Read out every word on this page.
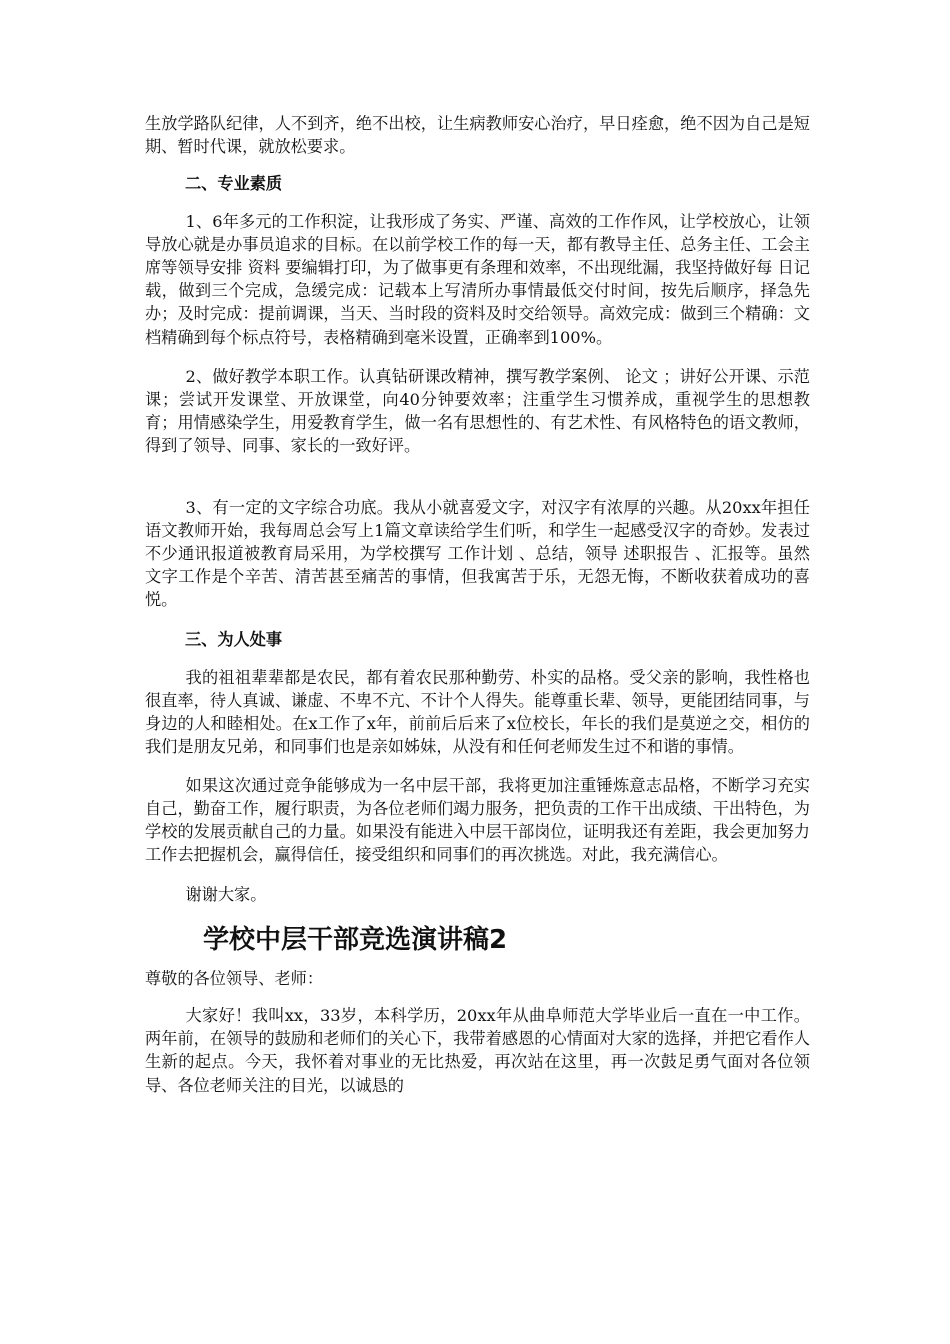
生放学路队纪律，人不到齐，绝不出校，让生病教师安心治疗，早日痊愈，绝不因为自己是短期、暂时代课，就放松要求。

二、专业素质

1、6年多元的工作积淀，让我形成了务实、严谨、高效的工作作风，让学校放心，让领导放心就是办事员追求的目标。在以前学校工作的每一天，都有教导主任、总务主任、工会主席等领导安排 资料 要编辑打印，为了做事更有条理和效率，不出现纰漏，我坚持做好每 日记 载，做到三个完成，急缓完成：记载本上写清所办事情最低交付时间，按先后顺序，择急先办；及时完成：提前调课，当天、当时段的资料及时交给领导。高效完成：做到三个精确：文档精确到每个标点符号，表格精确到毫米设置，正确率到100%。

2、做好教学本职工作。认真钻研课改精神，撰写教学案例、 论文 ；讲好公开课、示范课；尝试开发课堂、开放课堂，向40分钟要效率；注重学生习惯养成，重视学生的思想教育；用情感染学生，用爱教育学生，做一名有思想性的、有艺术性、有风格特色的语文教师，得到了领导、同事、家长的一致好评。

3、有一定的文字综合功底。我从小就喜爱文字，对汉字有浓厚的兴趣。从20xx年担任语文教师开始，我每周总会写上1篇文章读给学生们听，和学生一起感受汉字的奇妙。发表过不少通讯报道被教育局采用，为学校撰写 工作计划 、总结，领导 述职报告 、汇报等。虽然文字工作是个辛苦、清苦甚至痛苦的事情，但我寓苦于乐，无怨无悔，不断收获着成功的喜悦。

三、为人处事

我的祖祖辈辈都是农民，都有着农民那种勤劳、朴实的品格。受父亲的影响，我性格也很直率，待人真诚、谦虚、不卑不亢、不计个人得失。能尊重长辈、领导，更能团结同事，与身边的人和睦相处。在x工作了x年，前前后后来了x位校长，年长的我们是莫逆之交，相仿的我们是朋友兄弟，和同事们也是亲如姊妹，从没有和任何老师发生过不和谐的事情。

如果这次通过竞争能够成为一名中层干部，我将更加注重锤炼意志品格，不断学习充实自己，勤奋工作，履行职责，为各位老师们竭力服务，把负责的工作干出成绩、干出特色，为学校的发展贡献自己的力量。如果没有能进入中层干部岗位，证明我还有差距，我会更加努力工作去把握机会，赢得信任，接受组织和同事们的再次挑选。对此，我充满信心。

谢谢大家。

学校中层干部竞选演讲稿2

尊敬的各位领导、老师：

大家好！我叫xx，33岁，本科学历，20xx年从曲阜师范大学毕业后一直在一中工作。两年前，在领导的鼓励和老师们的关心下，我带着感恩的心情面对大家的选择，并把它看作人生新的起点。今天，我怀着对事业的无比热爱，再次站在这里，再一次鼓足勇气面对各位领导、各位老师关注的目光，以诚恳的
